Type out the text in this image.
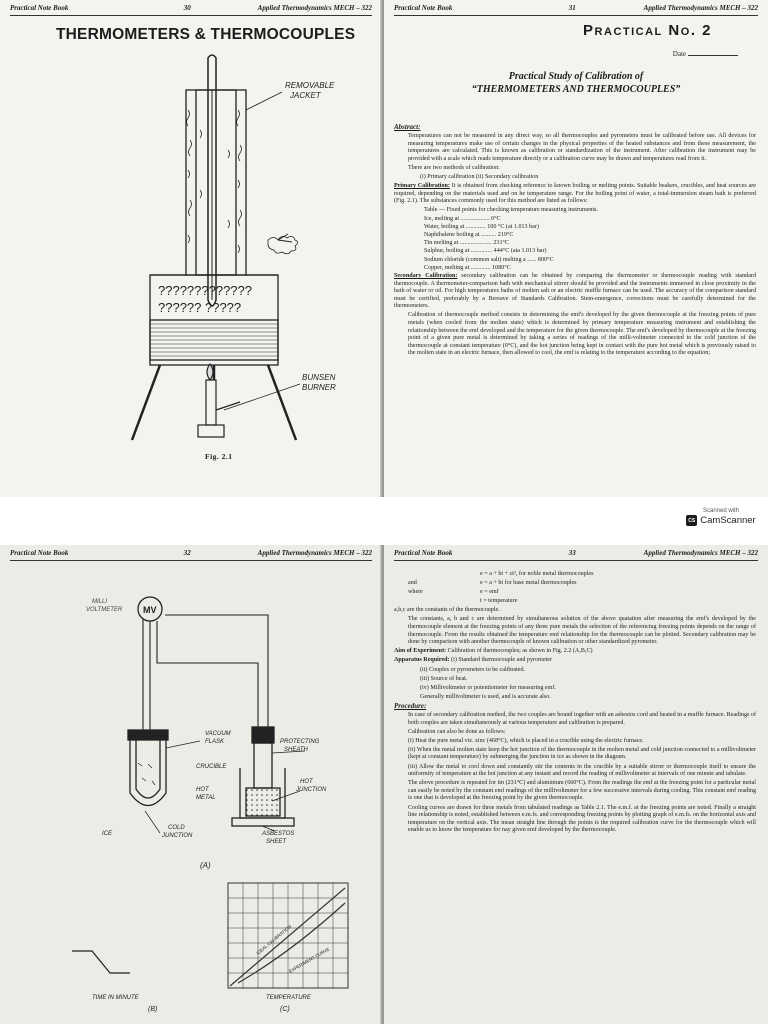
Practical Note Book	30	Applied Thermodynamics MECH – 322
THERMOMETERS & THERMOCOUPLES
REMOVABLE
JACKET
?????????????
?????? ?????
BUNSEN
BURNER
Fig. 2.1
Practical Note Book	31	Applied Thermodynamics MECH – 322
Practical No. 2
Date
Practical Study of Calibration of
“THERMOMETERS AND THERMOCOUPLES”

Abstract:

Temperatures can not be measured in any direct way, so all thermocouples and pyrometers must be calibrated before use. All devices for measuring temperatures make use of certain changes in the physical properties of the heated substances and from these measurement, the temperatures are calculated. This is known as calibration or standardization of the instrument. After calibration the instrument may be provided with a scale which reads temperature directly or a calibration curve may be drawn and temperatures read from it.

There are two methods of calibration:

(i) Primary calibration (ii) Secondary calibration

Primary Calibration: It is obtained from checking reference to known boiling or melting points. Suitable beakers, crucibles, and heat sources are required, depending on the materials used and on he temperature range. For the boiling point of water, a total-immersion steam bath is preferred (Fig. 2.1). The substances commonly used for this method are listed as follows:

Table — Fixed points for checking temperature measuring instruments.
Ice, melting at ................... 0°C
Water, boiling at ............. 100 °C (at 1.013 bar)
Naphthalene boiling at .......... 219°C
Tin melting at ..................... 231°C
Sulphur, boiling at .............. 444°C (ata 1.013 bar)
Sodium chloride (common salt) melting a ...... 800°C
Copper, melting at ............. 1080°C

Secondary Calibration: secondary calibration can be obtained by comparing the thermometer or thermocouple reading with standard thermocouple. A thermometer-comparison bath with mechanical stirrer should be provided and the instruments immersed in close proximity in the bath of water or oil. For high temperatures baths of molten salt or an electric muffle furnace can be used. The accuracy of the comparison standard must be certified, preferably by a Bereave of Standards Calibration. Stem-emergence, corrections must be carefully determined for the thermometers.

Calibration of thermocouple method consists in determining the emf's developed by the given thermocouple at the freezing points of pure metals (when cooled from the molten state) which is determined by primary temperature measuring instrument and establishing the relationship between the emf developed and the temperature for the given thermocouple. The emf's developed by thermocouple at the freezing point of a given pure metal is determined by taking a series of readings of the milli-voltmeter connected to the cold junction of the thermocouple at constant temperature (0°C), and the hot junction being kept in contact with the pure hot metal which is previously raised to the molten state in an electric furnace, then allowed to cool, the emf is relating to the temperature according to the equation;

Scanned with
CS CamScanner
Practical Note Book	32	Applied Thermodynamics MECH – 322
MV
MILLI
VOLTMETER
VACUUM
FLASK
CRUCIBLE
HOT
METAL
PROTECTING
SHEATH
HOT
JUNCTION
ICE
COLD
JUNCTION	ASBESTOS
SHEET
(A)
TIME IN MINUTE
(B)
IDEAL CALIBRATION
EXPERIMENT CURVE
TEMPERATURE
(C)
Practical Note Book	33	Applied Thermodynamics MECH – 322

e = a + bt + ct², for noble metal thermocouples

and	e = a + bt for base metal thermocouples

where	e = emf

t = temperature

a,b,c are the constants of the thermocouple.

The constants, a, b and c are determined by simultaneous solution of the above quatation after measuring the emf's developed by the thermocouple element at the freezing points of any three pure metals the selection of the referencing freezing points depends on the range of thermocouple. From the results obtained the temperature emf relationship for the thermocouple can be plotted. Secondary calibration may be done by comparison with another thermocouple of known calibration or other standardized pyrometer.

Aim of Experiment: Calibration of thermocouples; as shown in Fig. 2.2 (A,B,C)

Apparatus Required: (i) Standard thermocouple and pyrometer

(ii) Couples or pyrometers to be calibrated.

(iii) Source of heat.

(iv) Millivoltmeter or potentiometer for measuring emf.

Generally millivoltmeter is used, and is accurate also.

Procedure:

In case of secondary calibration method, the two couples are bound together with an asbestos cord and heated in a muffle furnace. Readings of both couples are taken simultaneously at various temperature and calibration is prepared.

Calibration can also be done as follows:

(i) Heat the pure metal viz. zinc (468°C), which is placed in a crucible using the electric furnace.

(ii) When the metal molten state keep the hot junction of the thermocouple in the molten metal and cold junction connected to a millivoltmeter (kept at constant temperature) by submerging the junction in ice as shown in the diagram.

(iii) Allow the metal to cool down and constantly stir the contents in the crucible by a suitable stirrer or thermocouple itself to ensure the uniformity of temperature at the hot junction at any instant and record the reading of millivoltmeter at intervals of one minute and tabulate.

The above procedure is repeated for tin (231°C) and aluminium (660°C). From the readings the emf at the freezing point for a particular metal can easily be noted by the constant emf readings of the millivoltmeter for a few successive intervals during cooling. This constant emf reading is one that is developed at the freezing point by the given thermocouple.

Cooling curves are drawn for three metals from tabulated readings as Table 2.1. The e.m.f. at the freezing points are noted. Finally a straight line relationship is noted, established between e.m.fs. and corresponding freezing points by plotting graph of e.m.fs. on the horizontal axis and temperature on the vertical axis. The mean straight line through the points is the required calibration curve for the thermocouple which will enable us to know the temperature for nay given emf developed by the thermocouple.
